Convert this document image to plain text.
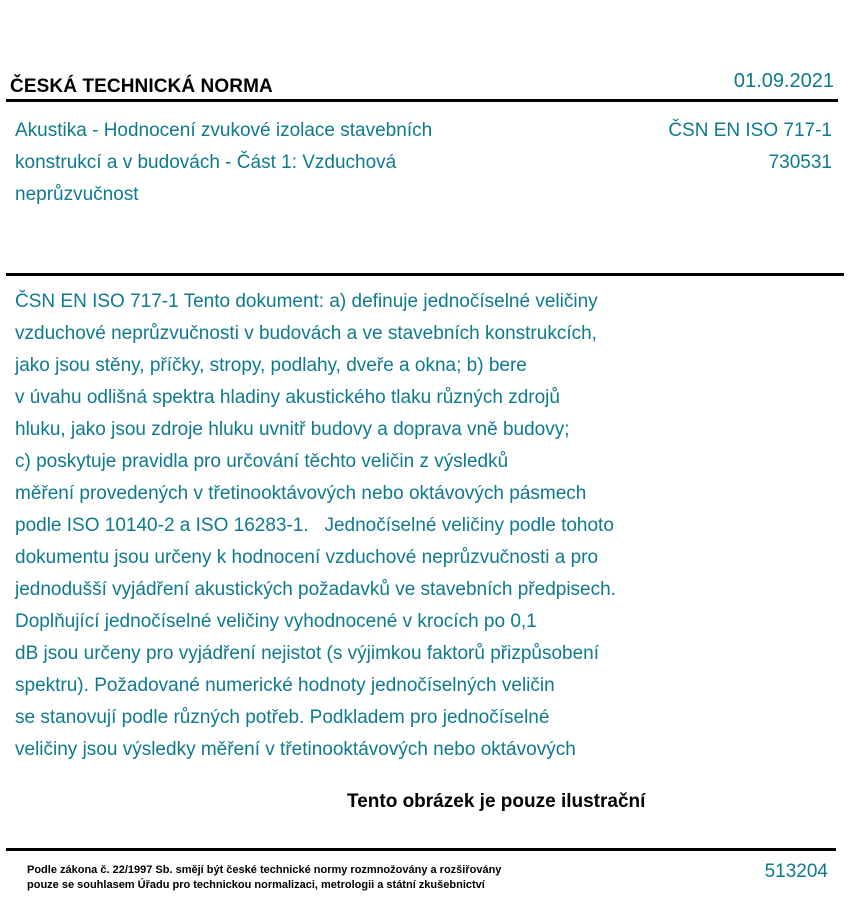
ČESKÁ TECHNICKÁ NORMA	01.09.2021
Akustika - Hodnocení zvukové izolace stavebních
konstrukcí a v budovách - Část 1: Vzduchová
neprůzvučnost
ČSN EN ISO 717-1
730531
ČSN EN ISO 717-1 Tento dokument: a) definuje jednočíselné veličiny
vzduchové neprůzvučnosti v budovách a ve stavebních konstrukcích,
jako jsou stěny, příčky, stropy, podlahy, dveře a okna; b) bere
v úvahu odlišná spektra hladiny akustického tlaku různých zdrojů
hluku, jako jsou zdroje hluku uvnitř budovy a doprava vně budovy;
c) poskytuje pravidla pro určování těchto veličin z výsledků
měření provedených v třetinooktávových nebo oktávových pásmech
podle ISO 10140-2 a ISO 16283-1.   Jednočíselné veličiny podle tohoto
dokumentu jsou určeny k hodnocení vzduchové neprůzvučnosti a pro
jednodušší vyjádření akustických požadavků ve stavebních předpisech.
Doplňující jednočíselné veličiny vyhodnocené v krocích po 0,1
dB jsou určeny pro vyjádření nejistot (s výjimkou faktorů přizpůsobení
spektru). Požadované numerické hodnoty jednočíselných veličin
se stanovují podle různých potřeb. Podkladem pro jednočíselné
veličiny jsou výsledky měření v třetinooktávových nebo oktávových
Tento obrázek je pouze ilustrační
Podle zákona č. 22/1997 Sb. smějí být české technické normy rozmnožovány a rozšiřovány
pouze se souhlasem Úřadu pro technickou normalizaci, metrologii a státní zkušebnictví
513204
